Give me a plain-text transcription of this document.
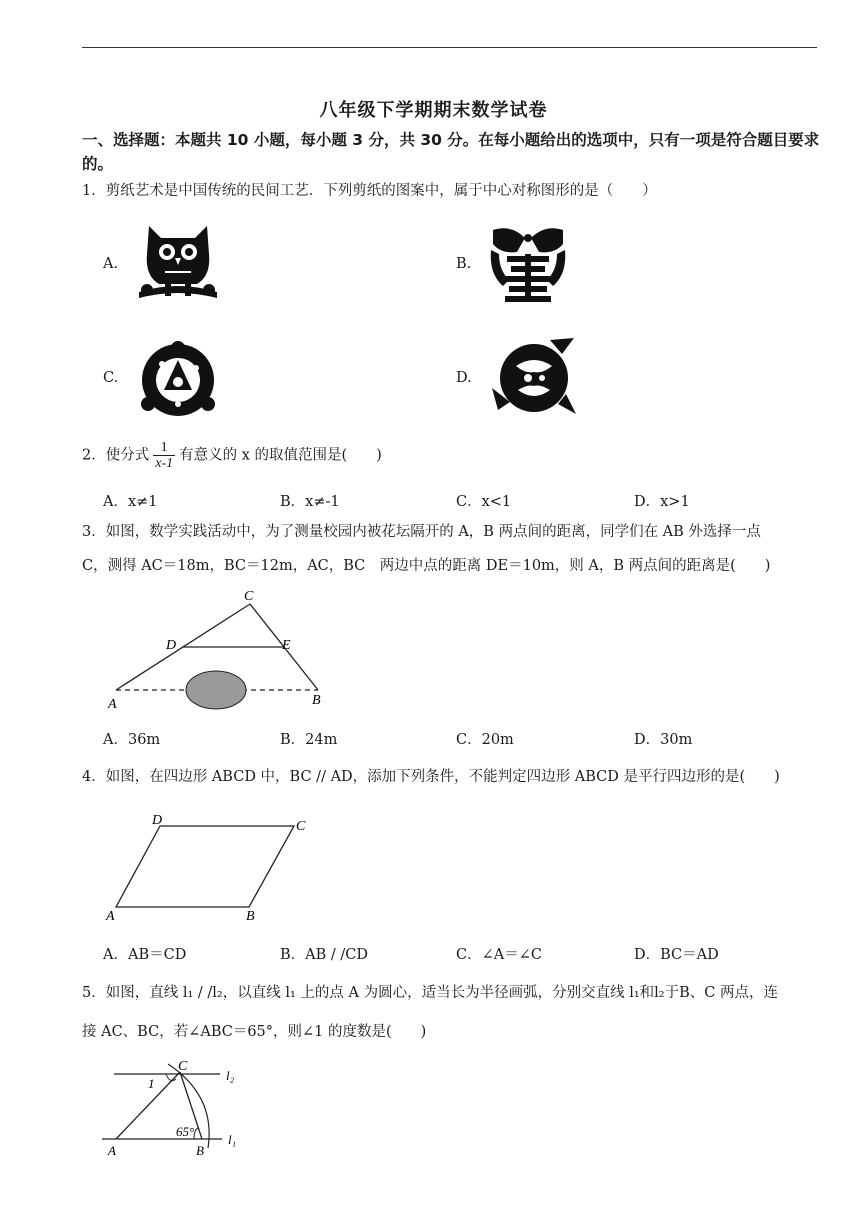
八年级下学期期末数学试卷
一、选择题：本题共 10 小题，每小题 3 分，共 30 分。在每小题给出的选项中，只有一项是符合题目要求的。
1．剪纸艺术是中国传统的民间工艺．下列剪纸的图案中，属于中心对称图形的是（　　）
A.	B.
C.	D.
2．使分式 $\frac{1}{x-1}$ 有意义的 x 的取值范围是(　　)
A．x≠1	B．x≠-1	C．x<1	D．x>1
3．如图，数学实践活动中，为了测量校园内被花坛隔开的 A，B 两点间的距离，同学们在 AB 外选择一点
C，测得 AC＝18m，BC＝12m，AC，BC　两边中点的距离 DE＝10m，则 A，B 两点间的距离是(　　)
C
D	E
A	B
A．36m	B．24m	C．20m	D．30m
4．如图，在四边形 ABCD 中，BC // AD，添加下列条件，不能判定四边形 ABCD 是平行四边形的是(　　)
D	C
A	B
A．AB＝CD	B．AB / /CD	C．∠A＝∠C	D．BC＝AD
5．如图，直线 l₁ / /l₂，以直线 l₁ 上的点 A 为圆心，适当长为半径画弧，分别交直线 l₁和l₂于B、C 两点，连
接 AC、BC，若∠ABC＝65°，则∠1 的度数是(　　)
C
l₂
1
65°
A	B
l₁
